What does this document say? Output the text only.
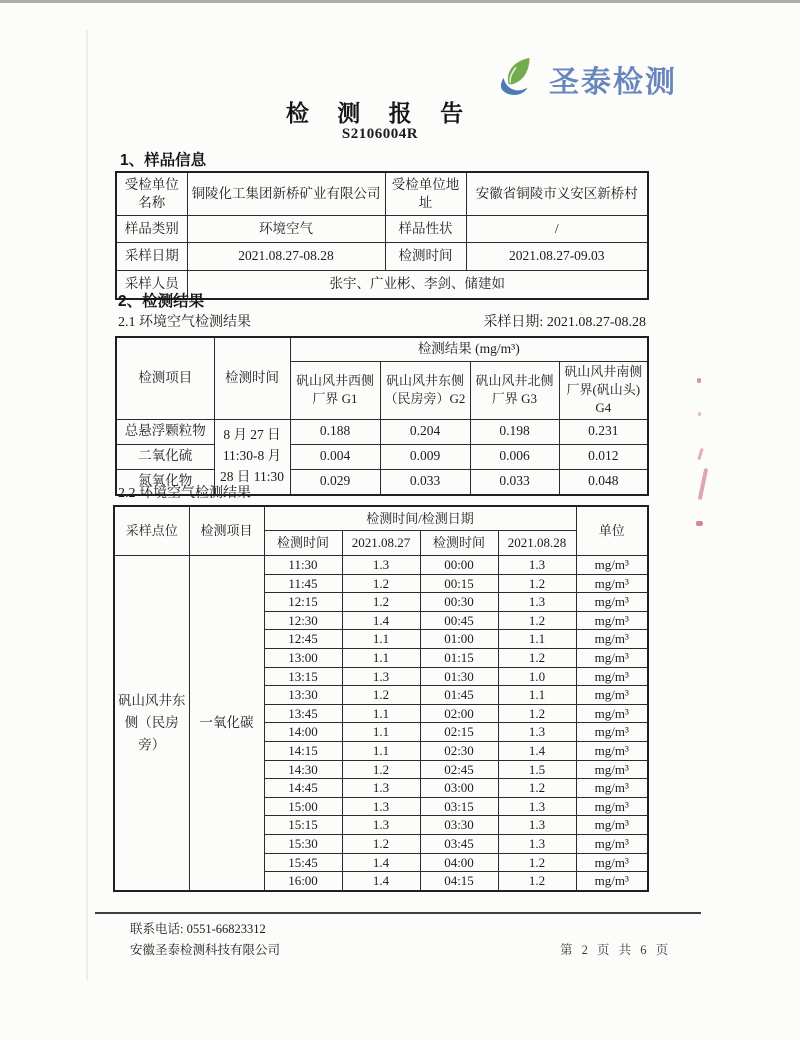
圣泰检测
检 测 报 告
S2106004R
1、样品信息
受检单位名称	铜陵化工集团新桥矿业有限公司	受检单位地址	安徽省铜陵市义安区新桥村
样品类别	环境空气	样品性状	/
采样日期	2021.08.27-08.28	检测时间	2021.08.27-09.03
采样人员	张宇、广业彬、李剑、储建如		
2、检测结果
2.1 环境空气检测结果	采样日期: 2021.08.27-08.28
检测项目	检测时间	检测结果 (mg/m³)			
		矾山风井西侧厂界 G1	矾山风井东侧（民房旁）G2	矾山风井北侧厂界 G3	矾山风井南侧厂界(矾山头) G4
总悬浮颗粒物	8 月 27 日 11:30-8 月 28 日 11:30	0.188	0.204	0.198	0.231
二氧化硫		0.004	0.009	0.006	0.012
氮氧化物		0.029	0.033	0.033	0.048
2.2 环境空气检测结果
采样点位	检测项目	检测时间/检测日期				单位
		检测时间	2021.08.27	检测时间	2021.08.28	
矾山风井东侧（民房旁）	一氧化碳	11:30	1.3	00:00	1.3	mg/m³
		11:45	1.2	00:15	1.2	mg/m³
		12:15	1.2	00:30	1.3	mg/m³
		12:30	1.4	00:45	1.2	mg/m³
		12:45	1.1	01:00	1.1	mg/m³
		13:00	1.1	01:15	1.2	mg/m³
		13:15	1.3	01:30	1.0	mg/m³
		13:30	1.2	01:45	1.1	mg/m³
		13:45	1.1	02:00	1.2	mg/m³
		14:00	1.1	02:15	1.3	mg/m³
		14:15	1.1	02:30	1.4	mg/m³
		14:30	1.2	02:45	1.5	mg/m³
		14:45	1.3	03:00	1.2	mg/m³
		15:00	1.3	03:15	1.3	mg/m³
		15:15	1.3	03:30	1.3	mg/m³
		15:30	1.2	03:45	1.3	mg/m³
		15:45	1.4	04:00	1.2	mg/m³
		16:00	1.4	04:15	1.2	mg/m³
联系电话: 0551-66823312
安徽圣泰检测科技有限公司	第 2 页 共 6 页
